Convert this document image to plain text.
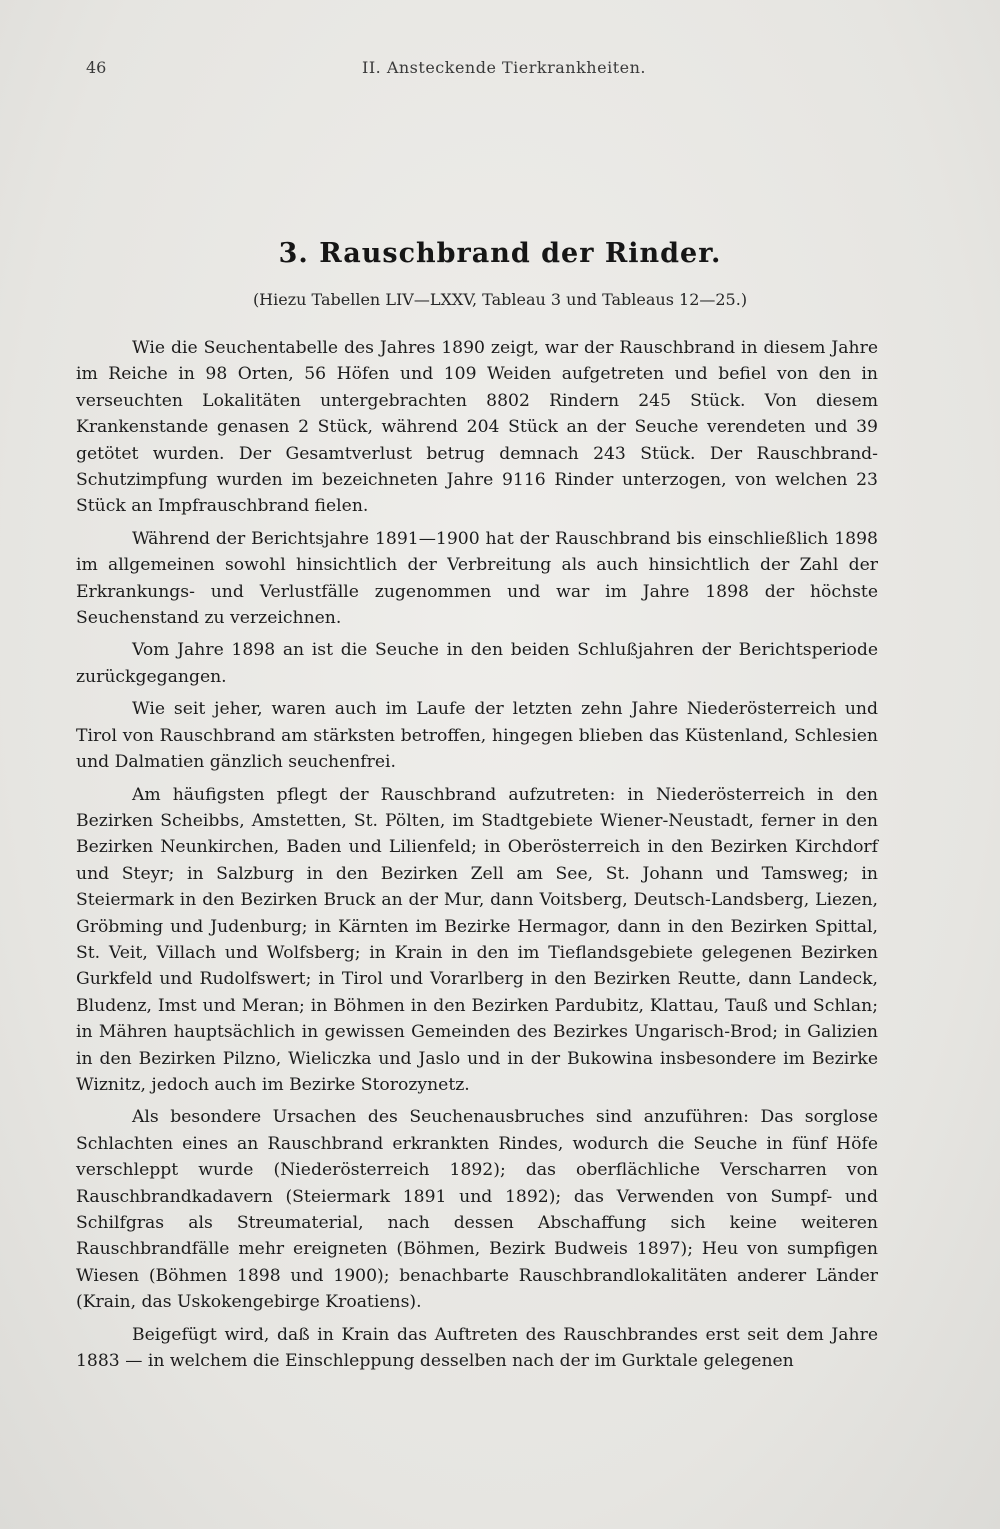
46	II. Ansteckende Tierkrankheiten.
3. Rauschbrand der Rinder.
(Hiezu Tabellen LIV—LXXV, Tableau 3 und Tableaus 12—25.)

Wie die Seuchentabelle des Jahres 1890 zeigt, war der Rauschbrand in diesem Jahre im Reiche in 98 Orten, 56 Höfen und 109 Weiden aufgetreten und befiel von den in verseuchten Lokalitäten untergebrachten 8802 Rindern 245 Stück. Von diesem Krankenstande genasen 2 Stück, während 204 Stück an der Seuche verendeten und 39 getötet wurden. Der Gesamtverlust betrug demnach 243 Stück. Der Rauschbrand-Schutzimpfung wurden im bezeichneten Jahre 9116 Rinder unterzogen, von welchen 23 Stück an Impfrauschbrand fielen.

Während der Berichtsjahre 1891—1900 hat der Rauschbrand bis einschließlich 1898 im allgemeinen sowohl hinsichtlich der Verbreitung als auch hinsichtlich der Zahl der Erkrankungs- und Verlustfälle zugenommen und war im Jahre 1898 der höchste Seuchenstand zu verzeichnen.

Vom Jahre 1898 an ist die Seuche in den beiden Schlußjahren der Berichtsperiode zurückgegangen.

Wie seit jeher, waren auch im Laufe der letzten zehn Jahre Niederösterreich und Tirol von Rauschbrand am stärksten betroffen, hingegen blieben das Küstenland, Schlesien und Dalmatien gänzlich seuchenfrei.

Am häufigsten pflegt der Rauschbrand aufzutreten: in Niederösterreich in den Bezirken Scheibbs, Amstetten, St. Pölten, im Stadtgebiete Wiener-Neustadt, ferner in den Bezirken Neunkirchen, Baden und Lilienfeld; in Oberösterreich in den Bezirken Kirchdorf und Steyr; in Salzburg in den Bezirken Zell am See, St. Johann und Tamsweg; in Steiermark in den Bezirken Bruck an der Mur, dann Voitsberg, Deutsch-Landsberg, Liezen, Gröbming und Judenburg; in Kärnten im Bezirke Hermagor, dann in den Bezirken Spittal, St. Veit, Villach und Wolfsberg; in Krain in den im Tieflandsgebiete gelegenen Bezirken Gurkfeld und Rudolfswert; in Tirol und Vorarlberg in den Bezirken Reutte, dann Landeck, Bludenz, Imst und Meran; in Böhmen in den Bezirken Pardubitz, Klattau, Tauß und Schlan; in Mähren hauptsächlich in gewissen Gemeinden des Bezirkes Ungarisch-Brod; in Galizien in den Bezirken Pilzno, Wieliczka und Jaslo und in der Bukowina insbesondere im Bezirke Wiznitz, jedoch auch im Bezirke Storozynetz.

Als besondere Ursachen des Seuchenausbruches sind anzuführen: Das sorglose Schlachten eines an Rauschbrand erkrankten Rindes, wodurch die Seuche in fünf Höfe verschleppt wurde (Niederösterreich 1892); das oberflächliche Verscharren von Rauschbrandkadavern (Steiermark 1891 und 1892); das Verwenden von Sumpf- und Schilfgras als Streumaterial, nach dessen Abschaffung sich keine weiteren Rauschbrandfälle mehr ereigneten (Böhmen, Bezirk Budweis 1897); Heu von sumpfigen Wiesen (Böhmen 1898 und 1900); benachbarte Rauschbrandlokalitäten anderer Länder (Krain, das Uskokengebirge Kroatiens).

Beigefügt wird, daß in Krain das Auftreten des Rauschbrandes erst seit dem Jahre 1883 — in welchem die Einschleppung desselben nach der im Gurktale gelegenen
